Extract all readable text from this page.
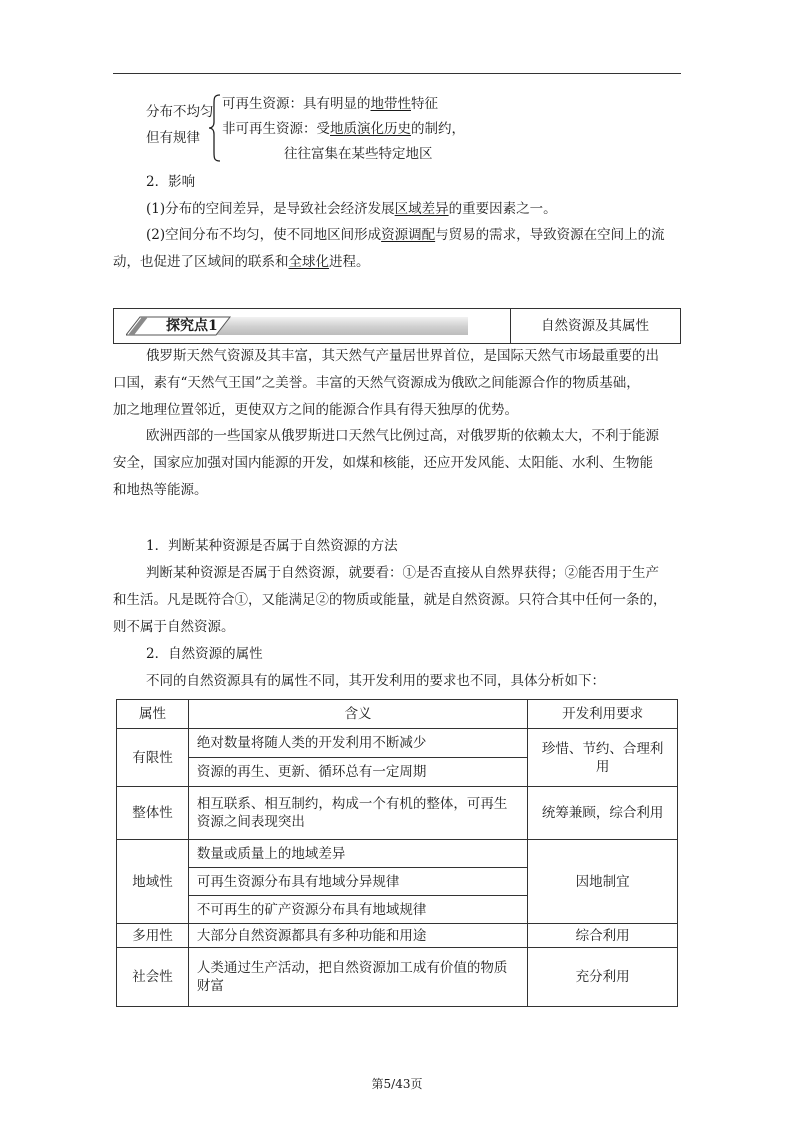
分布不均匀
但有规律
可再生资源：具有明显的地带性特征
非可再生资源：受地质演化历史的制约，
往往富集在某些特定地区
2．影响
(1)分布的空间差异，是导致社会经济发展区域差异的重要因素之一。
(2)空间分布不均匀，使不同地区间形成资源调配与贸易的需求，导致资源在空间上的流
动，也促进了区域间的联系和全球化进程。
探究点1	自然资源及其属性
俄罗斯天然气资源及其丰富，其天然气产量居世界首位，是国际天然气市场最重要的出
口国，素有“天然气王国”之美誉。丰富的天然气资源成为俄欧之间能源合作的物质基础，
加之地理位置邻近，更使双方之间的能源合作具有得天独厚的优势。
欧洲西部的一些国家从俄罗斯进口天然气比例过高，对俄罗斯的依赖太大，不利于能源
安全，国家应加强对国内能源的开发，如煤和核能，还应开发风能、太阳能、水利、生物能
和地热等能源。
1．判断某种资源是否属于自然资源的方法
判断某种资源是否属于自然资源，就要看：①是否直接从自然界获得；②能否用于生产
和生活。凡是既符合①，又能满足②的物质或能量，就是自然资源。只符合其中任何一条的，
则不属于自然资源。
2．自然资源的属性
不同的自然资源具有的属性不同，其开发利用的要求也不同，具体分析如下：
属性	含义	开发利用要求
有限性	绝对数量将随人类的开发利用不断减少	珍惜、节约、合理利用
	资源的再生、更新、循环总有一定周期	
整体性	相互联系、相互制约，构成一个有机的整体，可再生
资源之间表现突出	统筹兼顾，综合利用
地域性	数量或质量上的地域差异	因地制宜
	可再生资源分布具有地域分异规律	
	不可再生的矿产资源分布具有地域规律	
多用性	大部分自然资源都具有多种功能和用途	综合利用
社会性	人类通过生产活动，把自然资源加工成有价值的物质
财富	充分利用
第5/43页
